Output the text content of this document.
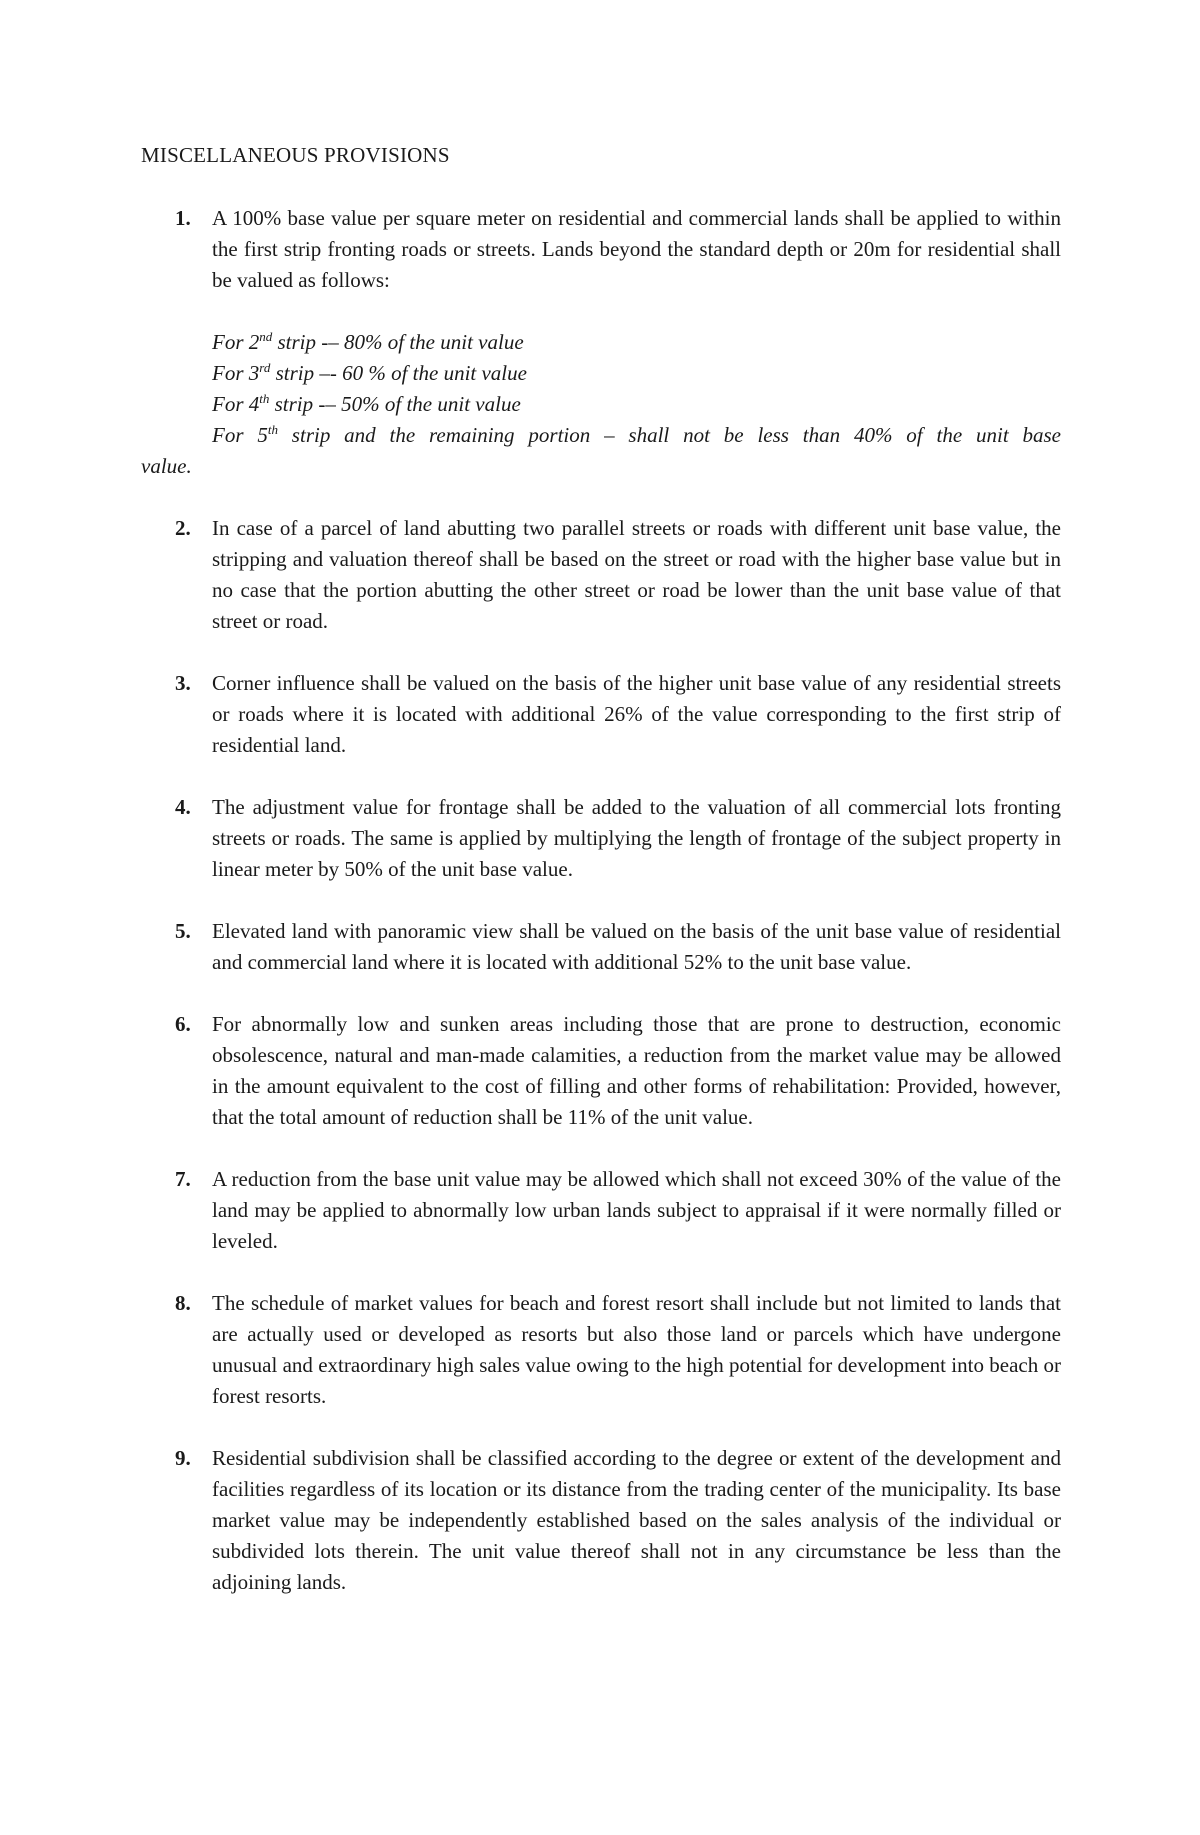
MISCELLANEOUS PROVISIONS
1. A 100% base value per square meter on residential and commercial lands shall be applied to within the first strip fronting roads or streets. Lands beyond the standard depth or 20m for residential shall be valued as follows:
For 2nd strip -– 80% of the unit value
For 3rd strip –- 60 % of the unit value
For 4th strip -– 50% of the unit value
For 5th strip and the remaining portion – shall not be less than 40% of the unit base
value.
2. In case of a parcel of land abutting two parallel streets or roads with different unit base value, the stripping and valuation thereof shall be based on the street or road with the higher base value but in no case that the portion abutting the other street or road be lower than the unit base value of that street or road.
3. Corner influence shall be valued on the basis of the higher unit base value of any residential streets or roads where it is located with additional 26% of the value corresponding to the first strip of residential land.
4. The adjustment value for frontage shall be added to the valuation of all commercial lots fronting streets or roads. The same is applied by multiplying the length of frontage of the subject property in linear meter by 50% of the unit base value.
5. Elevated land with panoramic view shall be valued on the basis of the unit base value of residential and commercial land where it is located with additional 52% to the unit base value.
6. For abnormally low and sunken areas including those that are prone to destruction, economic obsolescence, natural and man-made calamities, a reduction from the market value may be allowed in the amount equivalent to the cost of filling and other forms of rehabilitation: Provided, however, that the total amount of reduction shall be 11% of the unit value.
7. A reduction from the base unit value may be allowed which shall not exceed 30% of the value of the land may be applied to abnormally low urban lands subject to appraisal if it were normally filled or leveled.
8. The schedule of market values for beach and forest resort shall include but not limited to lands that are actually used or developed as resorts but also those land or parcels which have undergone unusual and extraordinary high sales value owing to the high potential for development into beach or forest resorts.
9. Residential subdivision shall be classified according to the degree or extent of the development and facilities regardless of its location or its distance from the trading center of the municipality. Its base market value may be independently established based on the sales analysis of the individual or subdivided lots therein. The unit value thereof shall not in any circumstance be less than the adjoining lands.
